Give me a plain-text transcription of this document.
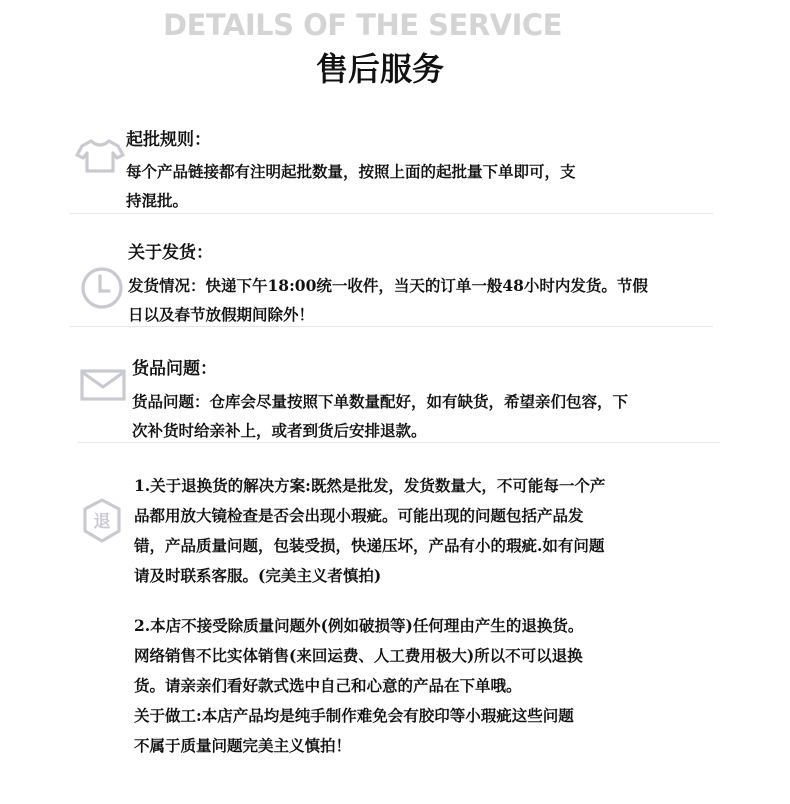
DETAILS OF THE SERVICE
售后服务
起批规则：

每个产品链接都有注明起批数量，按照上面的起批量下单即可，支
持混批。

关于发货：

发货情况：快递下午18:00统一收件，当天的订单一般48小时内发货。节假
日以及春节放假期间除外！

货品问题：

货品问题：仓库会尽量按照下单数量配好，如有缺货，希望亲们包容，下
次补货时给亲补上，或者到货后安排退款。

退

1.关于退换货的解决方案:既然是批发，发货数量大，不可能每一个产
品都用放大镜检查是否会出现小瑕疵。可能出现的问题包括产品发
错，产品质量问题，包装受损，快递压坏，产品有小的瑕疵.如有问题
请及时联系客服。(完美主义者慎拍)

2.本店不接受除质量问题外(例如破损等)任何理由产生的退换货。
网络销售不比实体销售(来回运费、人工费用极大)所以不可以退换
货。请亲亲们看好款式选中自己和心意的产品在下单哦。
关于做工:本店产品均是纯手制作难免会有胶印等小瑕疵这些问题
不属于质量问题完美主义慎拍！
